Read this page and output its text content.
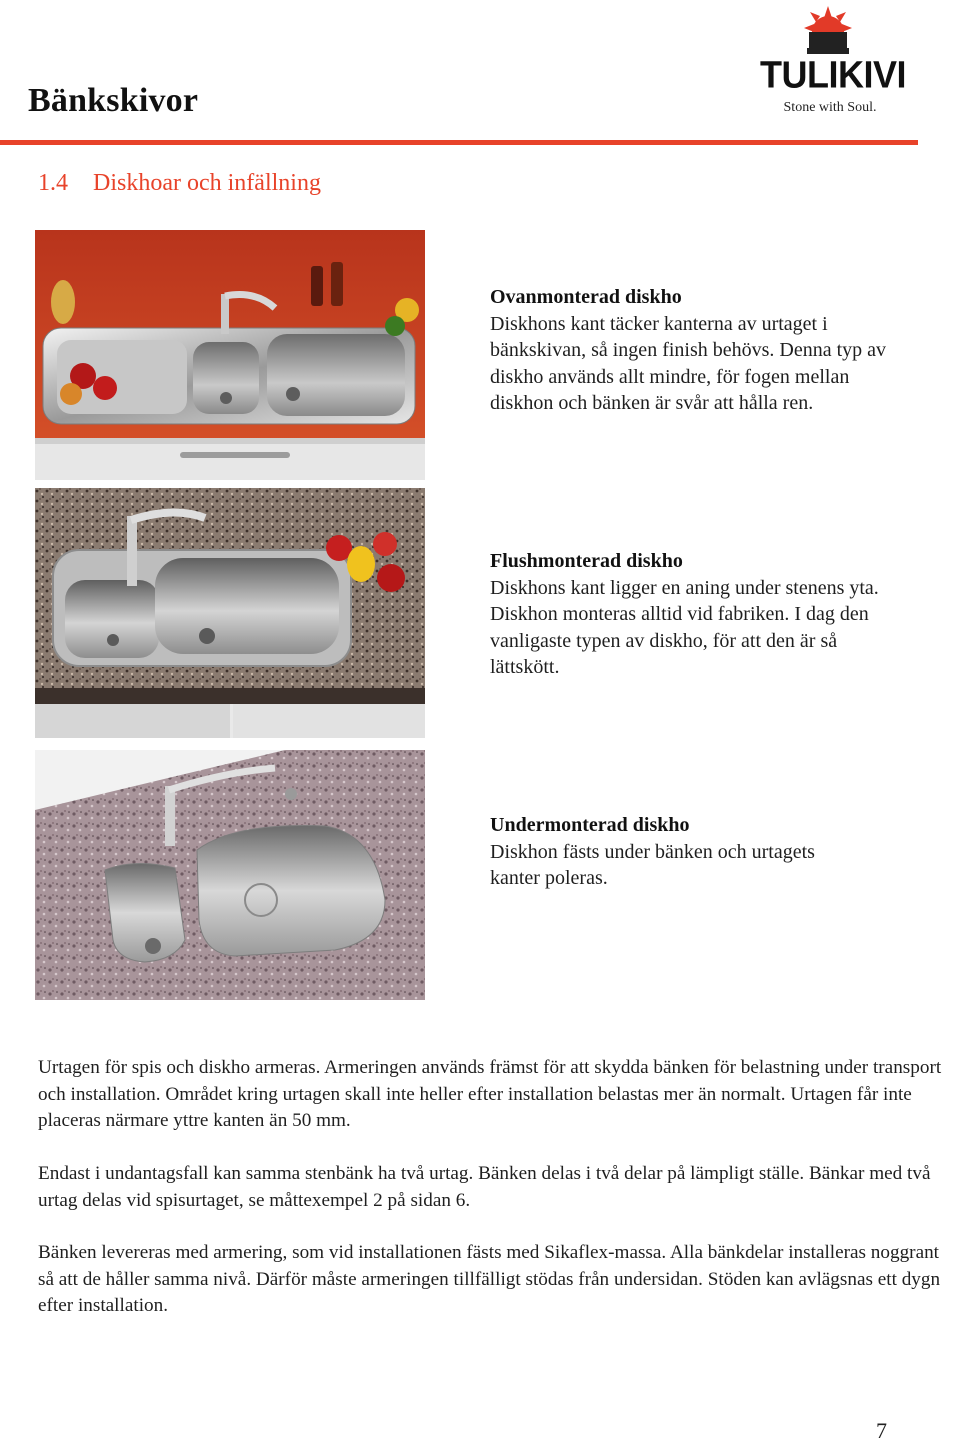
Bänkskivor
TULIKIVI
Stone with Soul.
1.4 Diskhoar och infällning
Ovanmonterad diskho

Diskhons kant täcker kanterna av urtaget i bänkskivan, så ingen finish behövs. Denna typ av diskho används allt mindre, för fogen mellan diskhon och bänken är svår att hålla ren.

Flushmonterad diskho

Diskhons kant ligger en aning under stenens yta. Diskhon monteras alltid vid fabriken. I dag den vanligaste typen av diskho, för att den är så lättskött.

Undermonterad diskho

Diskhon fästs under bänken och urtagets kanter poleras.

Urtagen för spis och diskho armeras. Armeringen används främst för att skydda bänken för belastning under transport och installation. Området kring urtagen skall inte heller efter installation belastas mer än normalt. Urtagen får inte placeras närmare yttre kanten än 50 mm.

Endast i undantagsfall kan samma stenbänk ha två urtag. Bänken delas i två delar på lämpligt ställe. Bänkar med två urtag delas vid spisurtaget, se måttexempel 2 på sidan 6.

Bänken levereras med armering, som vid installationen fästs med Sikaflex-massa. Alla bänkdelar installeras noggrant så att de håller samma nivå. Därför måste armeringen tillfälligt stödas från undersidan. Stöden kan avlägsnas ett dygn efter installation.

7
